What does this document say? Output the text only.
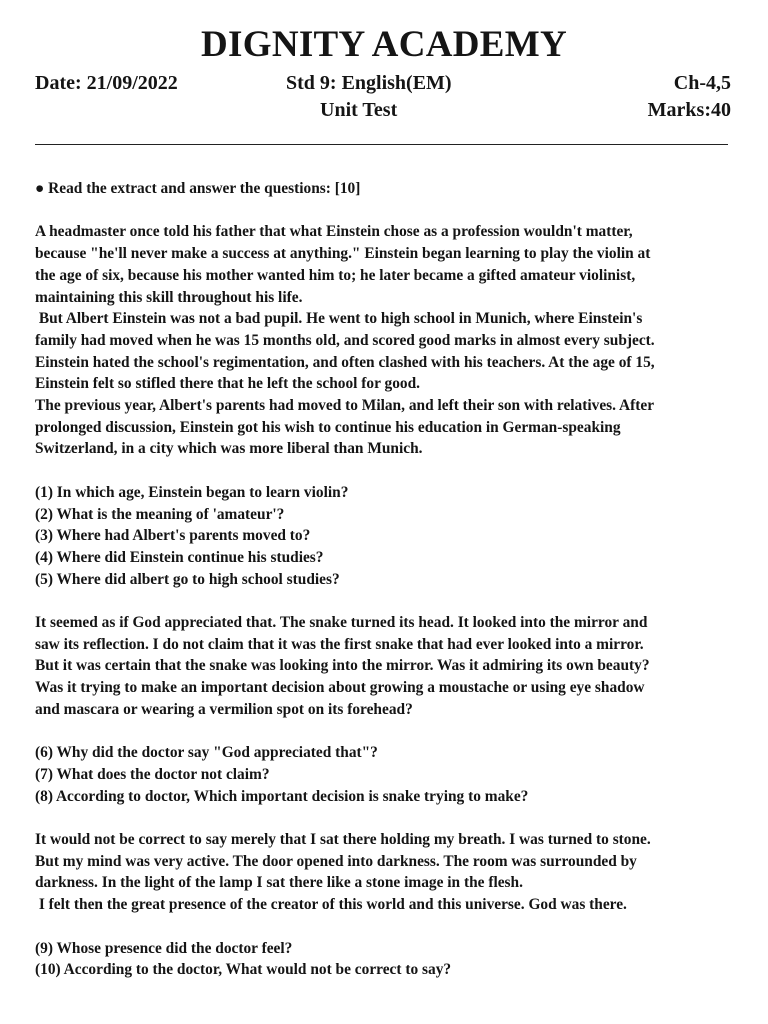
DIGNITY ACADEMY
Date: 21/09/2022	Std 9: English(EM)
Unit Test
Ch-4,5
Marks:40

● Read the extract and answer the questions: [10]

A headmaster once told his father that what Einstein chose as a profession wouldn't matter,

because "he'll never make a success at anything." Einstein began learning to play the violin at

the age of six, because his mother wanted him to; he later became a gifted amateur violinist,

maintaining this skill throughout his life.

But Albert Einstein was not a bad pupil. He went to high school in Munich, where Einstein's

family had moved when he was 15 months old, and scored good marks in almost every subject.

Einstein hated the school's regimentation, and often clashed with his teachers. At the age of 15,

Einstein felt so stifled there that he left the school for good.

The previous year, Albert's parents had moved to Milan, and left their son with relatives. After

prolonged discussion, Einstein got his wish to continue his education in German-speaking

Switzerland, in a city which was more liberal than Munich.

(1) In which age, Einstein began to learn violin?

(2) What is the meaning of 'amateur'?

(3) Where had Albert's parents moved to?

(4) Where did Einstein continue his studies?

(5) Where did albert go to high school studies?

It seemed as if God appreciated that. The snake turned its head. It looked into the mirror and

saw its reflection. I do not claim that it was the first snake that had ever looked into a mirror.

But it was certain that the snake was looking into the mirror. Was it admiring its own beauty?

Was it trying to make an important decision about growing a moustache or using eye shadow

and mascara or wearing a vermilion spot on its forehead?

(6) Why did the doctor say "God appreciated that"?

(7) What does the doctor not claim?

(8) According to doctor, Which important decision is snake trying to make?

It would not be correct to say merely that I sat there holding my breath. I was turned to stone.

But my mind was very active. The door opened into darkness. The room was surrounded by

darkness. In the light of the lamp I sat there like a stone image in the flesh.

I felt then the great presence of the creator of this world and this universe. God was there.

(9) Whose presence did the doctor feel?

(10) According to the doctor, What would not be correct to say?
